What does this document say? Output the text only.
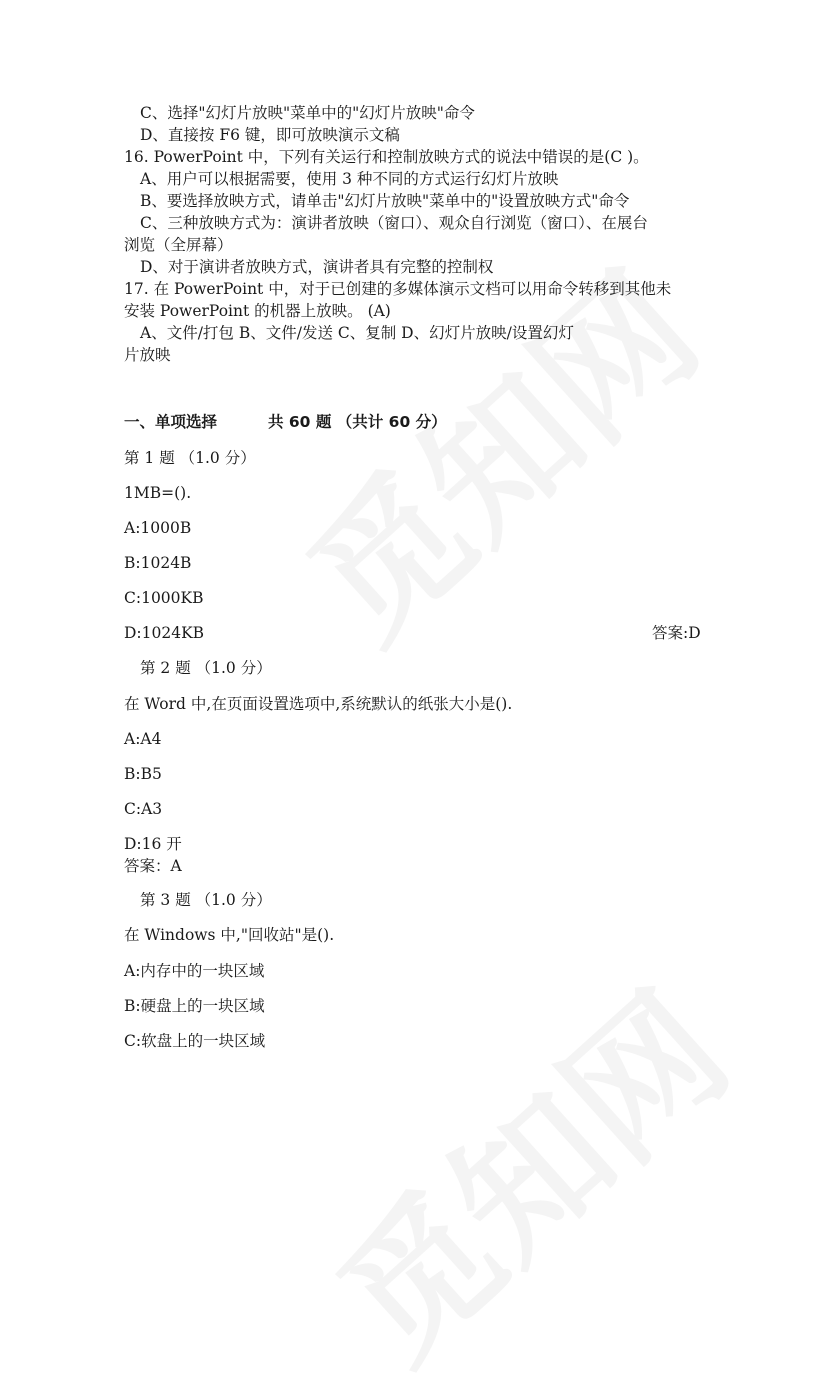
C、选择"幻灯片放映"菜单中的"幻灯片放映"命令
D、直接按 F6 键，即可放映演示文稿
16. PowerPoint 中，下列有关运行和控制放映方式的说法中错误的是(C )。
A、用户可以根据需要，使用 3 种不同的方式运行幻灯片放映
B、要选择放映方式，请单击"幻灯片放映"菜单中的"设置放映方式"命令
C、三种放映方式为：演讲者放映（窗口）、观众自行浏览（窗口）、在展台
浏览（全屏幕）
D、对于演讲者放映方式，演讲者具有完整的控制权
17. 在 PowerPoint 中，对于已创建的多媒体演示文档可以用命令转移到其他未
安装 PowerPoint 的机器上放映。 (A)
A、文件/打包 B、文件/发送 C、复制 D、幻灯片放映/设置幻灯
片放映
一、单项选择	共 60 题 （共计 60 分）
第 1 题 （1.0 分）
1MB=().
A:1000B
B:1024B
C:1000KB
D:1024KB	答案:D
第 2 题 （1.0 分）
在 Word 中,在页面设置选项中,系统默认的纸张大小是().
A:A4
B:B5
C:A3
D:16 开
答案：A
第 3 题 （1.0 分）
在 Windows 中,"回收站"是().
A:内存中的一块区域
B:硬盘上的一块区域
C:软盘上的一块区域
